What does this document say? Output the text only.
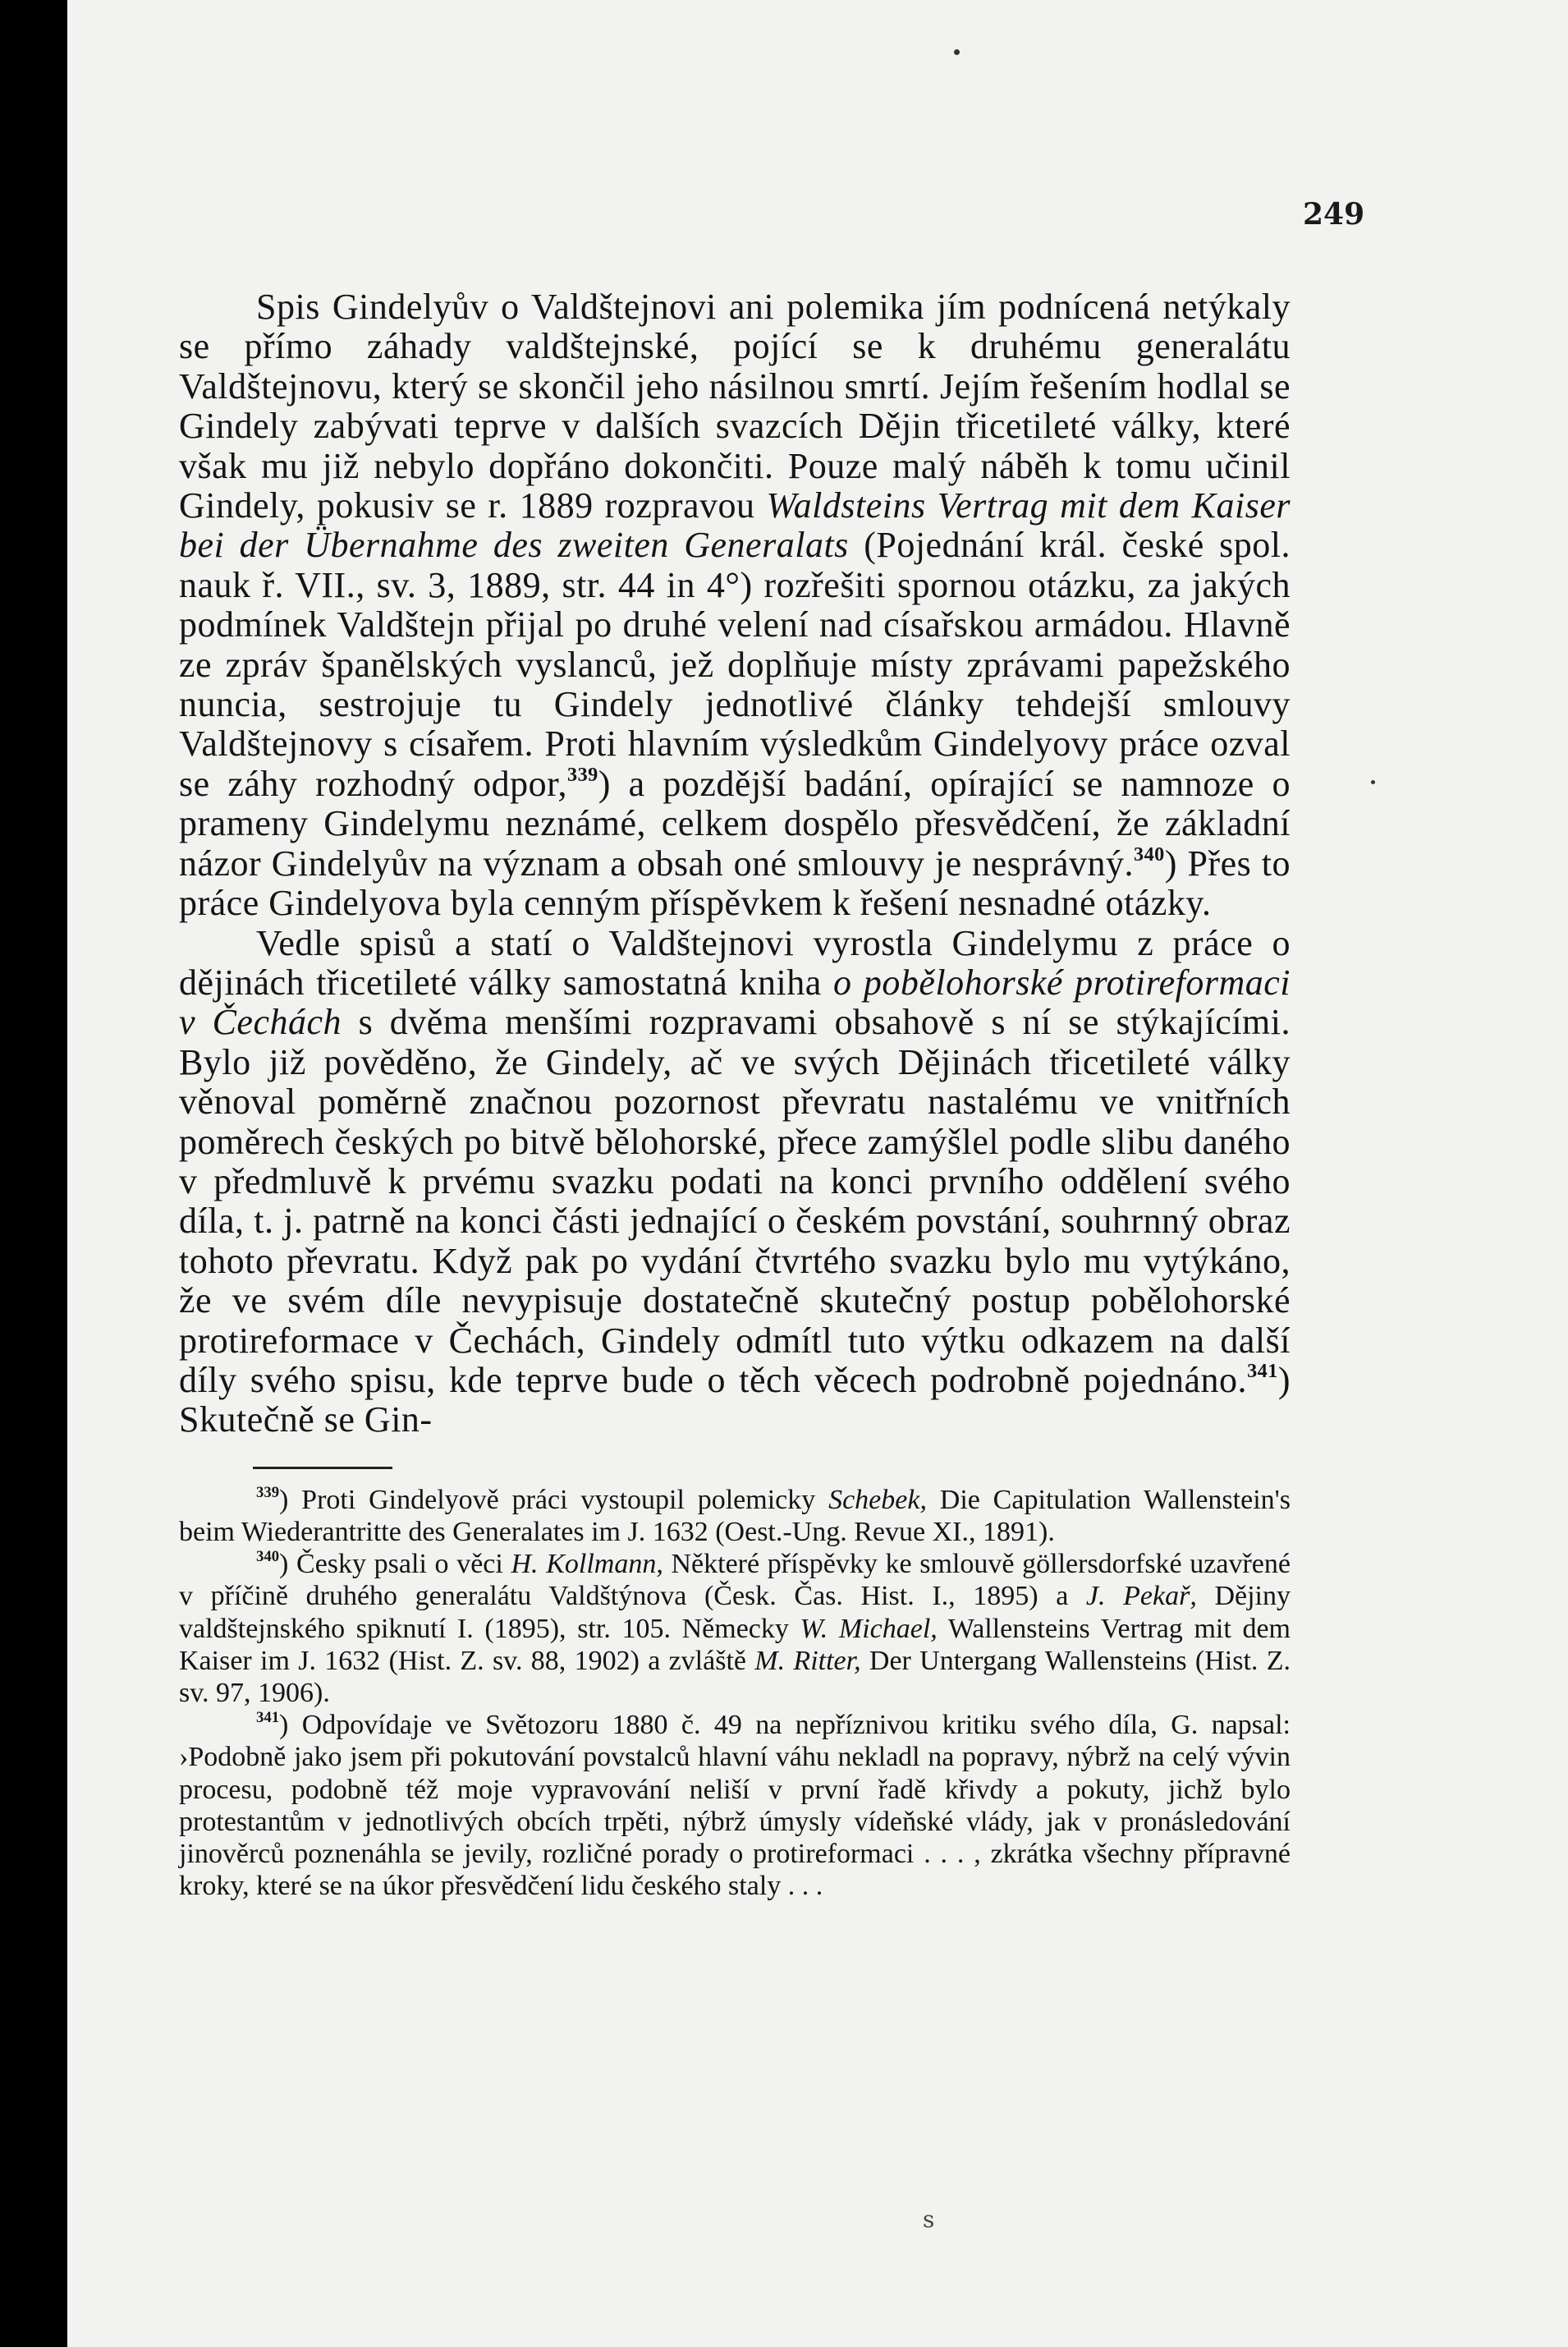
249

Spis Gindelyův o Valdštejnovi ani polemika jím podnícená netýkaly se přímo záhady valdštejnské, pojící se k druhému generalátu Valdštejnovu, který se skončil jeho násilnou smrtí. Jejím řešením hodlal se Gindely zabývati teprve v dalších svazcích Dějin třicetileté války, které však mu již nebylo dopřáno dokončiti. Pouze malý náběh k tomu učinil Gindely, pokusiv se r. 1889 rozpravou Waldsteins Vertrag mit dem Kaiser bei der Übernahme des zweiten Generalats (Pojednání král. české spol. nauk ř. VII., sv. 3, 1889, str. 44 in 4°) rozřešiti spornou otázku, za jakých podmínek Valdštejn přijal po druhé velení nad císařskou armádou. Hlavně ze zpráv španělských vyslanců, jež doplňuje místy zprávami papežského nuncia, sestrojuje tu Gindely jednotlivé články tehdejší smlouvy Valdštejnovy s císařem. Proti hlavním výsledkům Gindelyovy práce ozval se záhy rozhodný odpor,$^{339}$) a pozdější badání, opírající se namnoze o prameny Gindelymu neznámé, celkem dospělo přesvědčení, že základní názor Gindelyův na význam a obsah oné smlouvy je nesprávný.$^{340}$) Přes to práce Gindelyova byla cenným příspěvkem k řešení nesnadné otázky.

Vedle spisů a statí o Valdštejnovi vyrostla Gindelymu z práce o dějinách třicetileté války samostatná kniha o pobělohorské protireformaci v Čechách s dvěma menšími rozpravami obsahově s ní se stýkajícími. Bylo již pověděno, že Gindely, ač ve svých Dějinách třicetileté války věnoval poměrně značnou pozornost převratu nastalému ve vnitřních poměrech českých po bitvě bělohorské, přece zamýšlel podle slibu daného v předmluvě k prvému svazku podati na konci prvního oddělení svého díla, t. j. patrně na konci části jednající o českém povstání, souhrnný obraz tohoto převratu. Když pak po vydání čtvrtého svazku bylo mu vytýkáno, že ve svém díle nevypisuje dostatečně skutečný postup pobělohorské protireformace v Čechách, Gindely odmítl tuto výtku odkazem na další díly svého spisu, kde teprve bude o těch věcech podrobně pojednáno.$^{341}$) Skutečně se Gin-

$^{339}$) Proti Gindelyově práci vystoupil polemicky Schebek, Die Capitulation Wallenstein's beim Wiederantritte des Generalates im J. 1632 (Oest.-Ung. Revue XI., 1891).

$^{340}$) Česky psali o věci H. Kollmann, Některé příspěvky ke smlouvě göllersdorfské uzavřené v příčině druhého generalátu Valdštýnova (Česk. Čas. Hist. I., 1895) a J. Pekař, Dějiny valdštejnského spiknutí I. (1895), str. 105. Německy W. Michael, Wallensteins Vertrag mit dem Kaiser im J. 1632 (Hist. Z. sv. 88, 1902) a zvláště M. Ritter, Der Untergang Wallensteins (Hist. Z. sv. 97, 1906).

$^{341}$) Odpovídaje ve Světozoru 1880 č. 49 na nepříznivou kritiku svého díla, G. napsal: ›Podobně jako jsem při pokutování povstalců hlavní váhu nekladl na popravy, nýbrž na celý vývin procesu, podobně též moje vypravování neliší v první řadě křivdy a pokuty, jichž bylo protestantům v jednotlivých obcích trpěti, nýbrž úmysly vídeňské vlády, jak v pronásledování jinověrců poznenáhla se jevily, rozličné porady o protireformaci . . . , zkrátka všechny přípravné kroky, které se na úkor přesvědčení lidu českého staly . . .

s
